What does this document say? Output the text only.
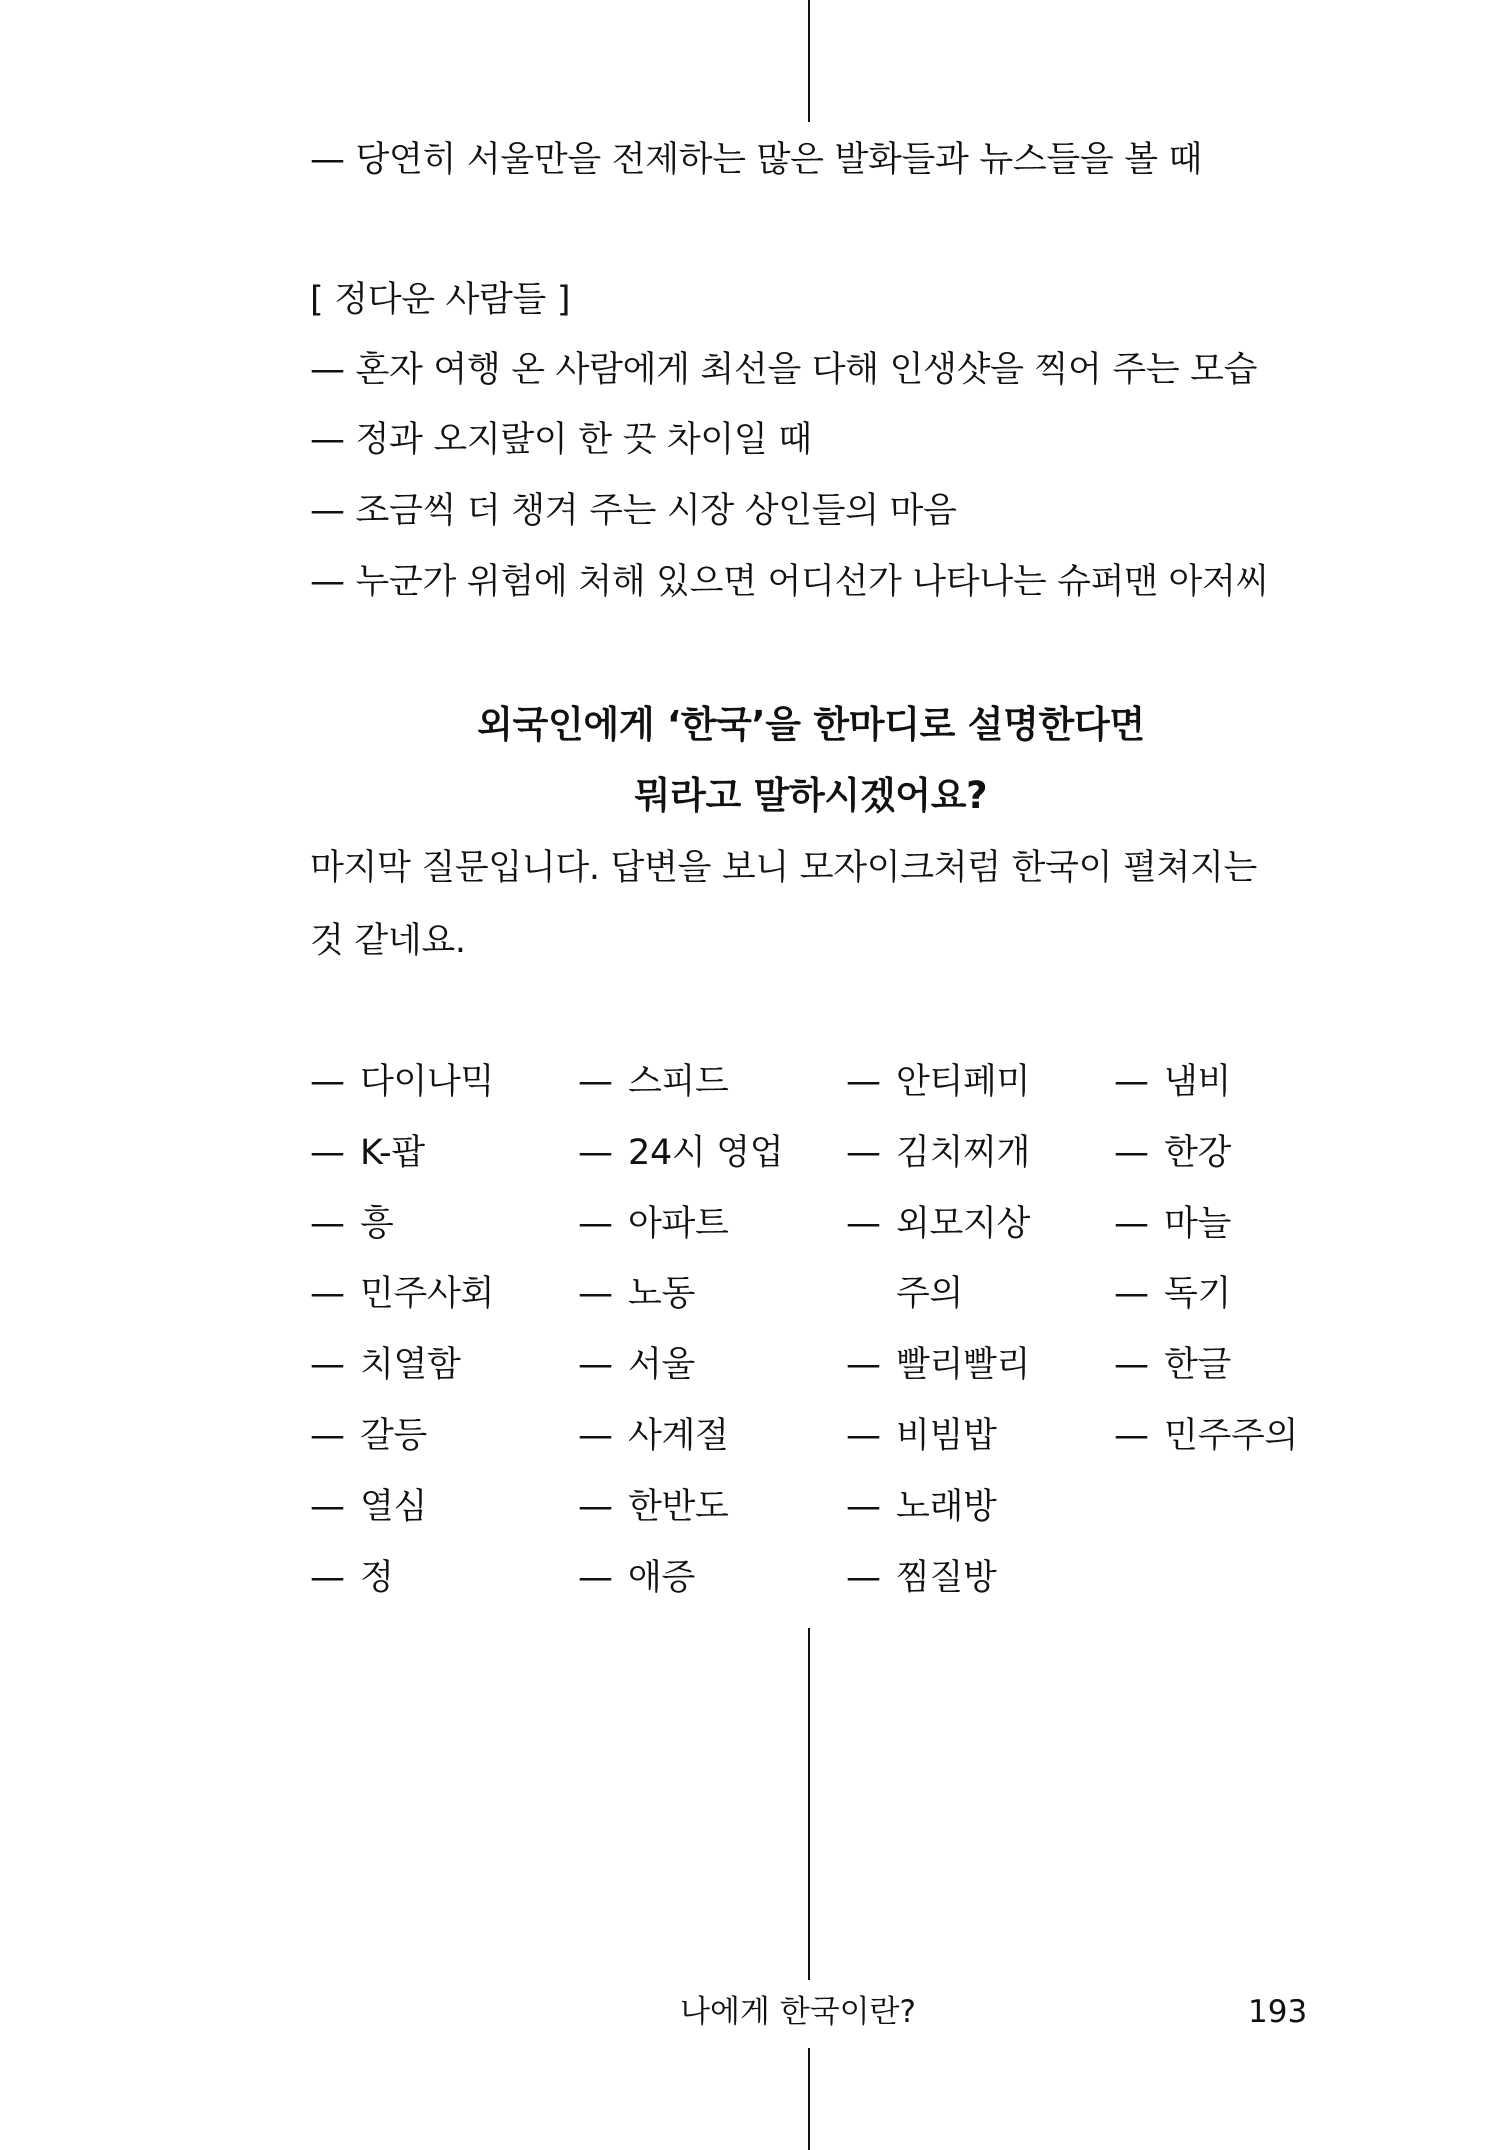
— 당연히 서울만을 전제하는 많은 발화들과 뉴스들을 볼 때
[ 정다운 사람들 ]
— 혼자 여행 온 사람에게 최선을 다해 인생샷을 찍어 주는 모습
— 정과 오지랖이 한 끗 차이일 때
— 조금씩 더 챙겨 주는 시장 상인들의 마음
— 누군가 위험에 처해 있으면 어디선가 나타나는 슈퍼맨 아저씨
외국인에게 ‘한국’을 한마디로 설명한다면
뭐라고 말하시겠어요?
마지막 질문입니다. 답변을 보니 모자이크처럼 한국이 펼쳐지는
것 같네요.
— 다이나믹
— K-팝
— 흥
— 민주사회
— 치열함
— 갈등
— 열심
— 정
— 스피드
— 24시 영업
— 아파트
— 노동
— 서울
— 사계절
— 한반도
— 애증
— 안티페미
— 김치찌개
— 외모지상
주의
— 빨리빨리
— 비빔밥
— 노래방
— 찜질방
— 냄비
— 한강
— 마늘
— 독기
— 한글
— 민주주의
나에게 한국이란?	193
